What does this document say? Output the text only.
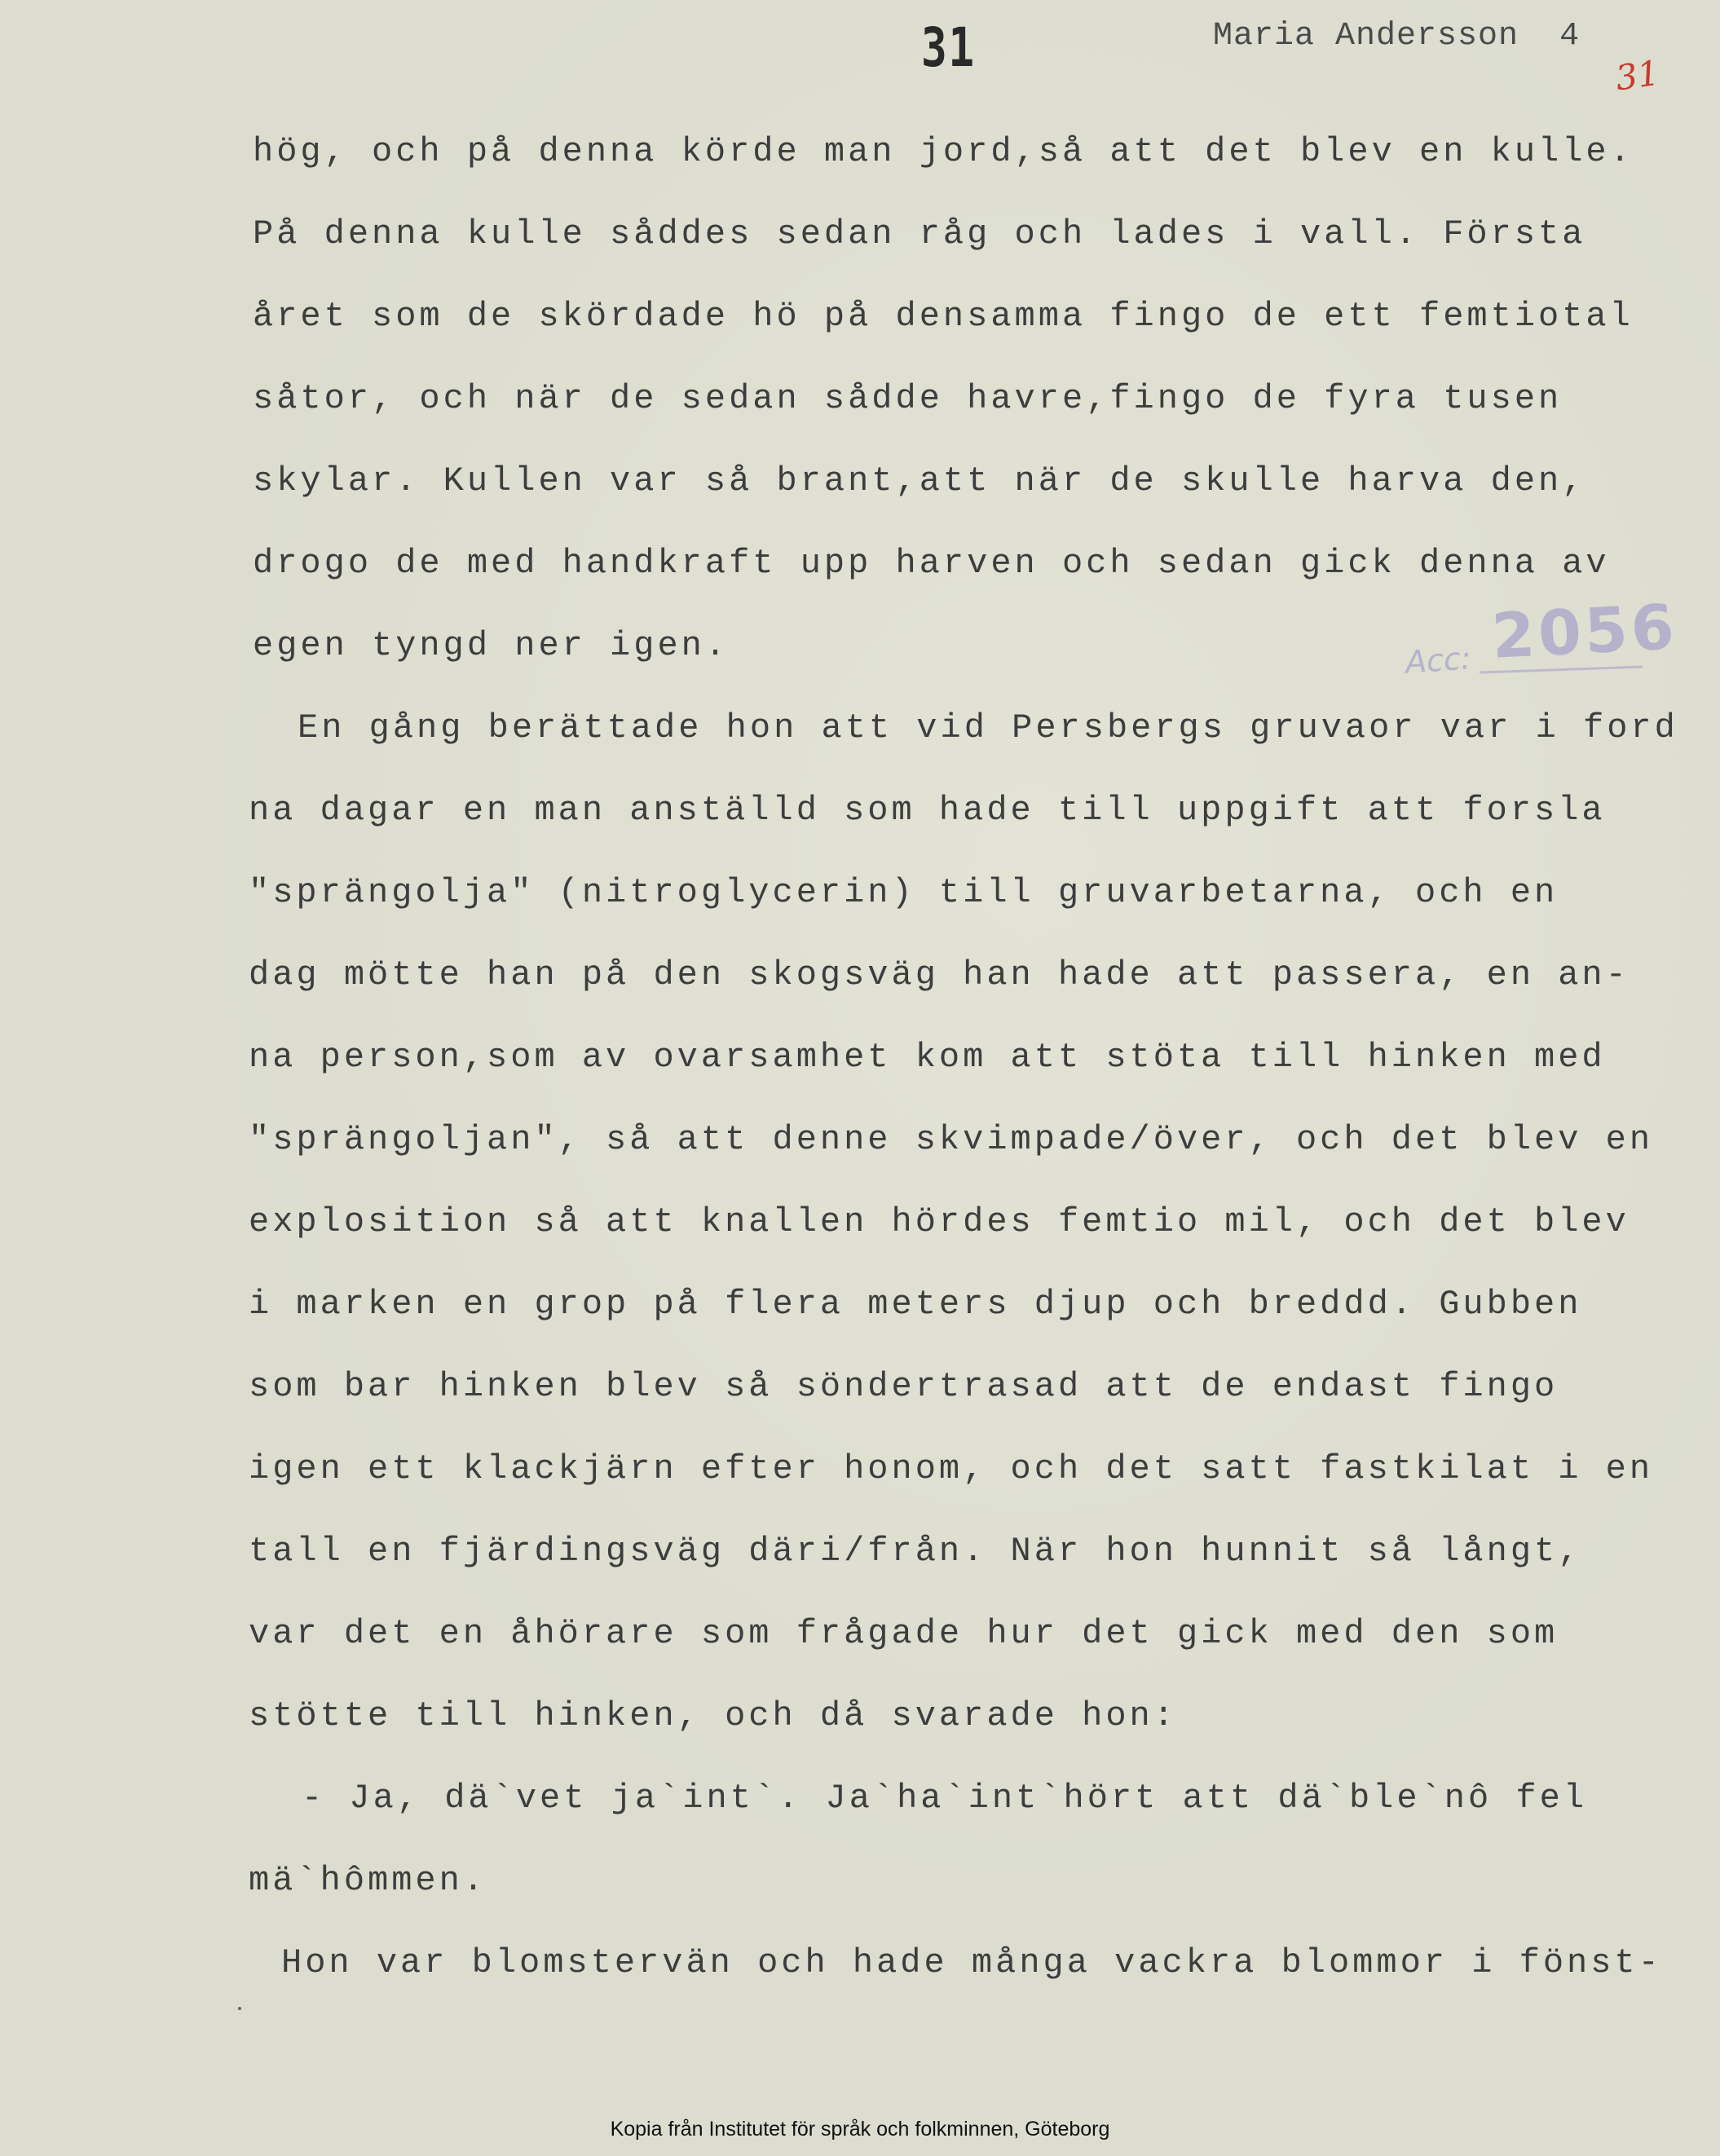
31	Maria Andersson 4
31
Acc: 2056
hög, och på denna körde man jord,så att det blev en kulle.
På denna kulle såddes sedan råg och lades i vall. Första
året som de skördade hö på densamma fingo de ett femtiotal
såtor, och när de sedan sådde havre,fingo de fyra tusen
skylar. Kullen var så brant,att när de skulle harva den,
drogo de med handkraft upp harven och sedan gick denna av
egen tyngd ner igen.
En gång berättade hon att vid Persbergs gruvaor var i ford
na dagar en man anställd som hade till uppgift att forsla
"sprängolja" (nitroglycerin) till gruvarbetarna, och en
dag mötte han på den skogsväg han hade att passera, en an-
na person,som av ovarsamhet kom att stöta till hinken med
"sprängoljan", så att denne skvimpade/över, och det blev en
explosition så att knallen hördes femtio mil, och det blev
i marken en grop på flera meters djup och breddd. Gubben
som bar hinken blev så söndertrasad att de endast fingo
igen ett klackjärn efter honom, och det satt fastkilat i en
tall en fjärdingsväg däri/från. När hon hunnit så långt,
var det en åhörare som frågade hur det gick med den som
stötte till hinken, och då svarade hon:
- Ja, dä`vet ja`int`. Ja`ha`int`hört att dä`ble`nô fel
mä`hômmen.
Hon var blomstervän och hade många vackra blommor i fönst-
Kopia från Institutet för språk och folkminnen, Göteborg
